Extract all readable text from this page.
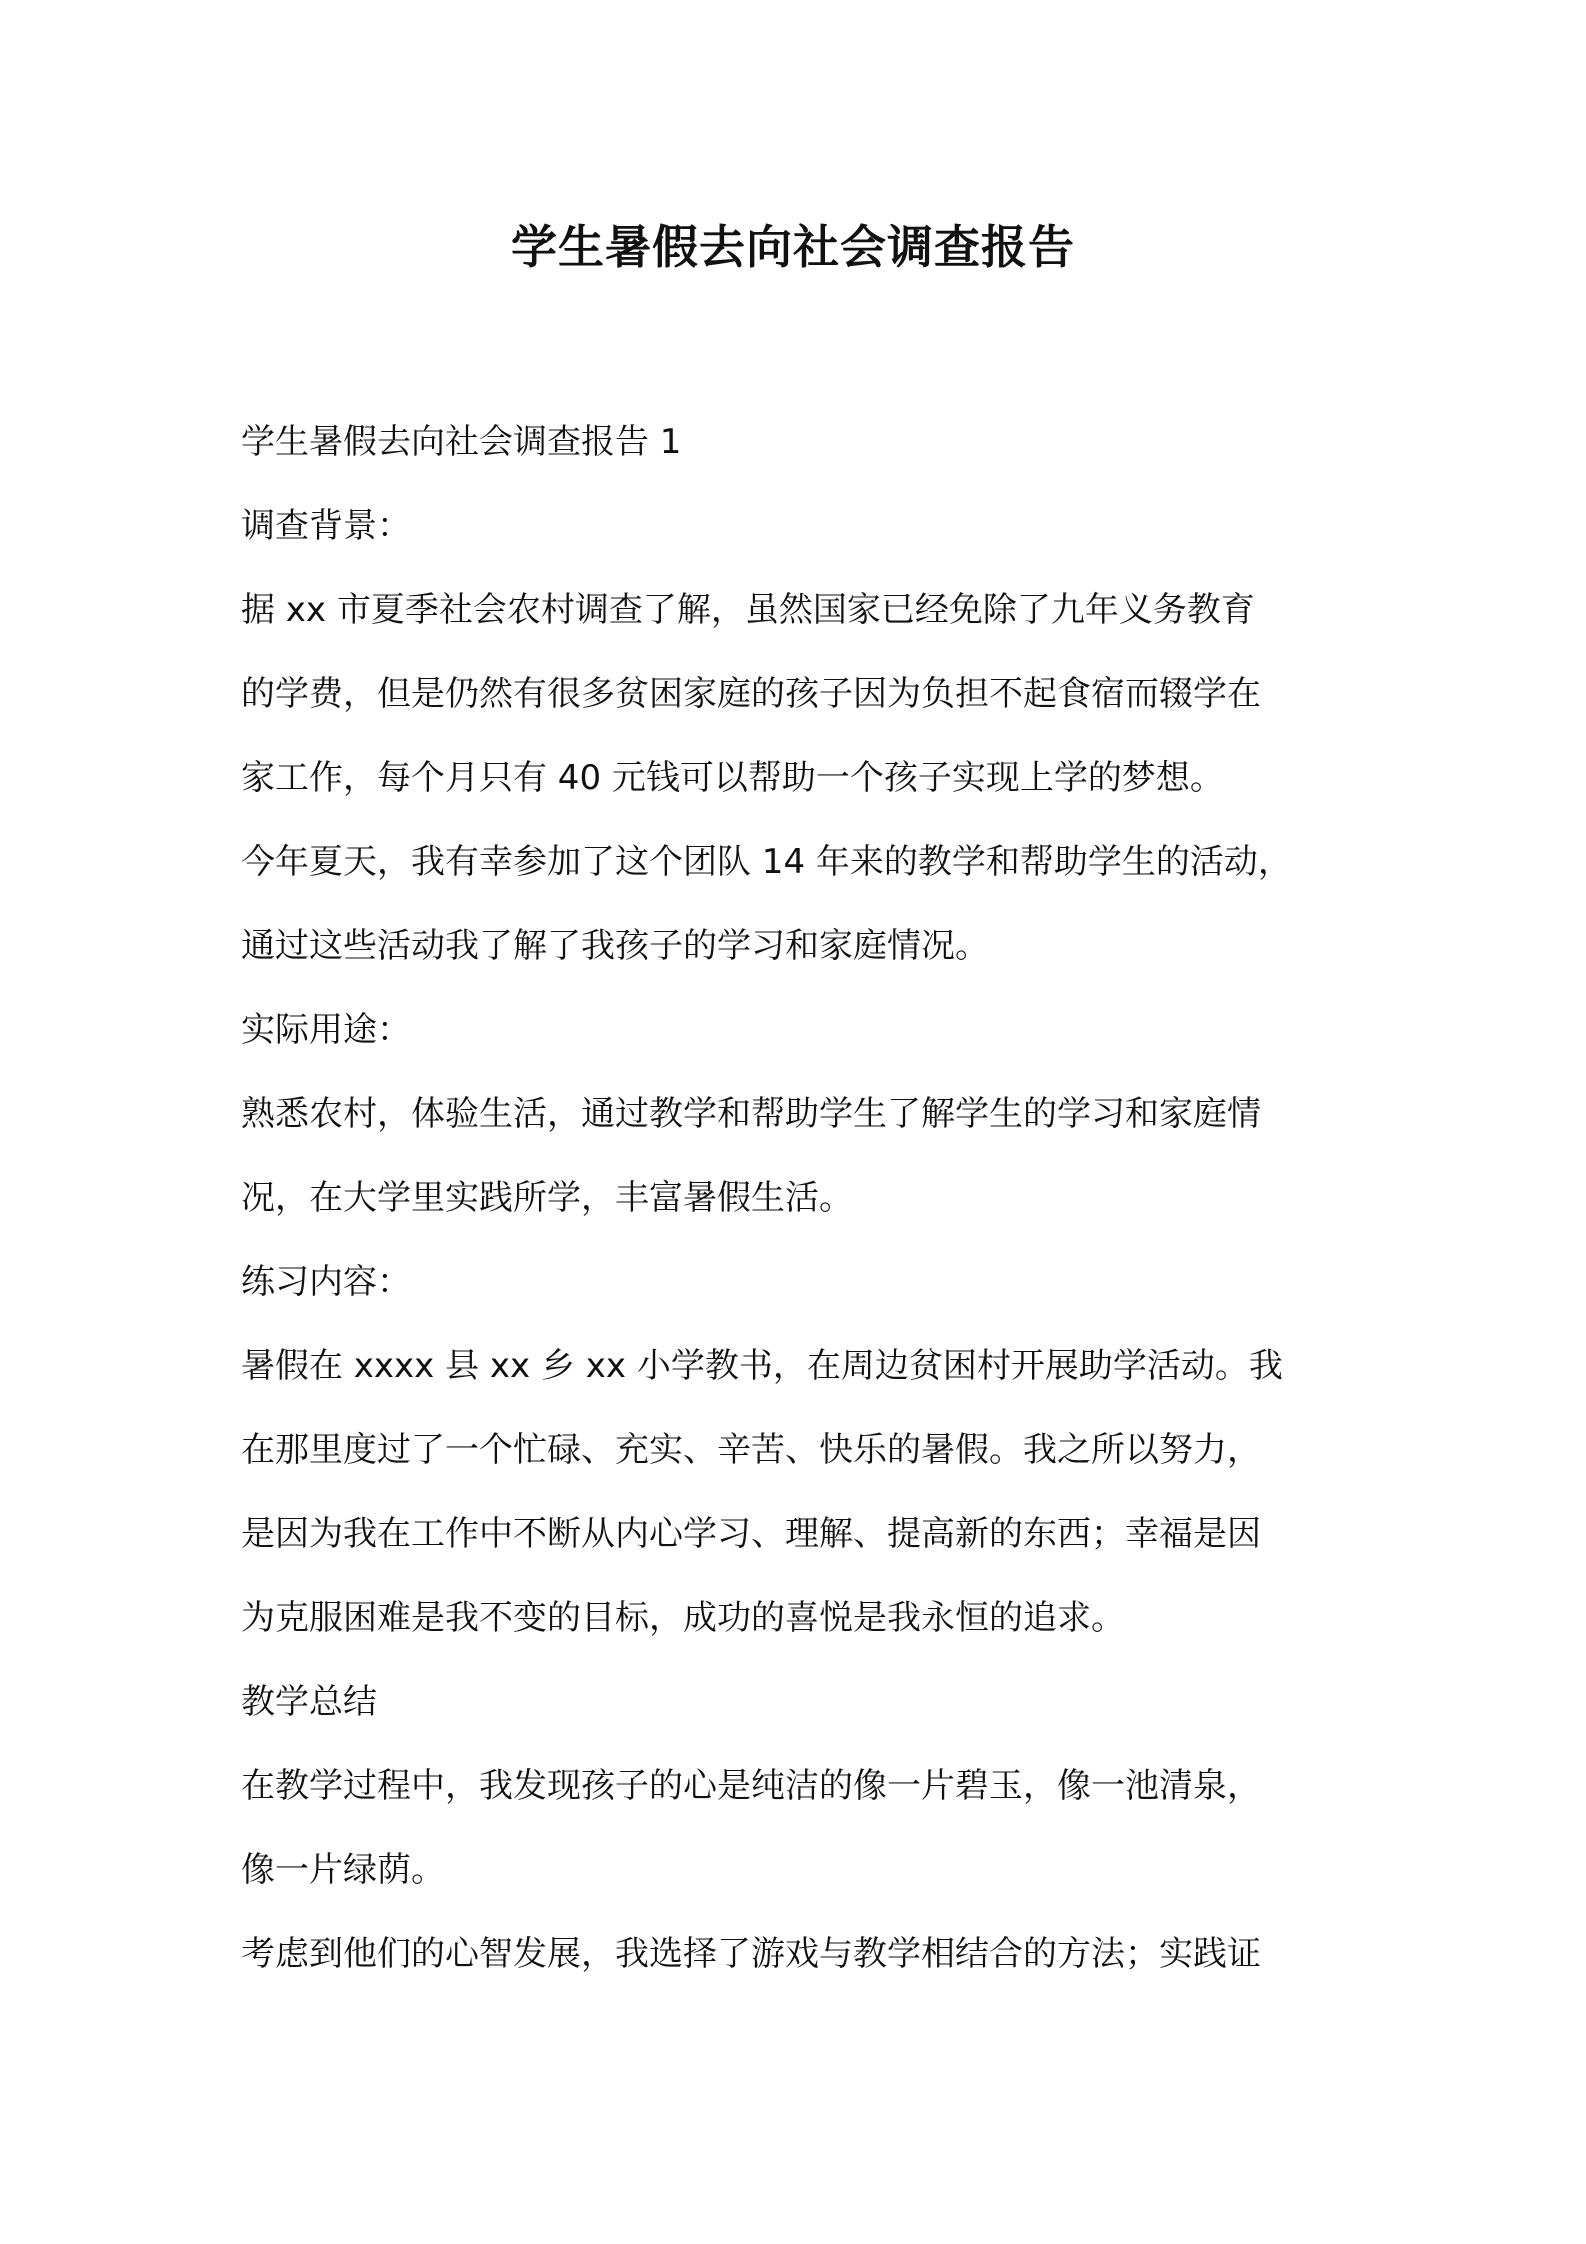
学生暑假去向社会调查报告

学生暑假去向社会调查报告 1

调查背景：

据 xx 市夏季社会农村调查了解，虽然国家已经免除了九年义务教育

的学费，但是仍然有很多贫困家庭的孩子因为负担不起食宿而辍学在

家工作，每个月只有 40 元钱可以帮助一个孩子实现上学的梦想。

今年夏天，我有幸参加了这个团队 14 年来的教学和帮助学生的活动，

通过这些活动我了解了我孩子的学习和家庭情况。

实际用途：

熟悉农村，体验生活，通过教学和帮助学生了解学生的学习和家庭情

况，在大学里实践所学，丰富暑假生活。

练习内容：

暑假在 xxxx 县 xx 乡 xx 小学教书，在周边贫困村开展助学活动。我

在那里度过了一个忙碌、充实、辛苦、快乐的暑假。我之所以努力，

是因为我在工作中不断从内心学习、理解、提高新的东西；幸福是因

为克服困难是我不变的目标，成功的喜悦是我永恒的追求。

教学总结

在教学过程中，我发现孩子的心是纯洁的像一片碧玉，像一池清泉，

像一片绿荫。

考虑到他们的心智发展，我选择了游戏与教学相结合的方法；实践证
